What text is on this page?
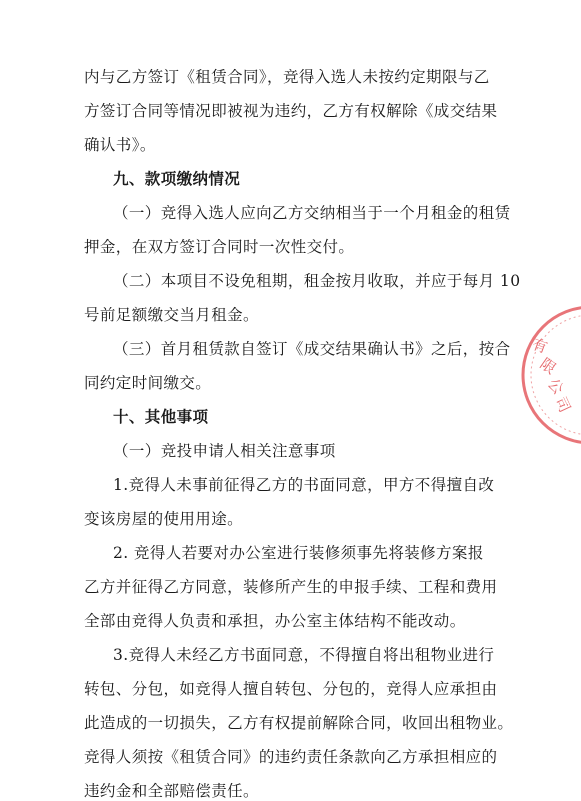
内与乙方签订《租赁合同》，竞得入选人未按约定期限与乙
方签订合同等情况即被视为违约，乙方有权解除《成交结果
确认书》。
九、款项缴纳情况
（一）竞得入选人应向乙方交纳相当于一个月租金的租赁
押金，在双方签订合同时一次性交付。
（二）本项目不设免租期，租金按月收取，并应于每月 10
号前足额缴交当月租金。
（三）首月租赁款自签订《成交结果确认书》之后，按合
同约定时间缴交。
十、其他事项
（一）竞投申请人相关注意事项
1.竞得人未事前征得乙方的书面同意，甲方不得擅自改
变该房屋的使用用途。
2. 竞得人若要对办公室进行装修须事先将装修方案报
乙方并征得乙方同意，装修所产生的申报手续、工程和费用
全部由竞得人负责和承担，办公室主体结构不能改动。
3.竞得人未经乙方书面同意，不得擅自将出租物业进行
转包、分包，如竞得人擅自转包、分包的，竞得人应承担由
此造成的一切损失，乙方有权提前解除合同，收回出租物业。
竞得人须按《租赁合同》的违约责任条款向乙方承担相应的
违约金和全部赔偿责任。
有
限
公
司
